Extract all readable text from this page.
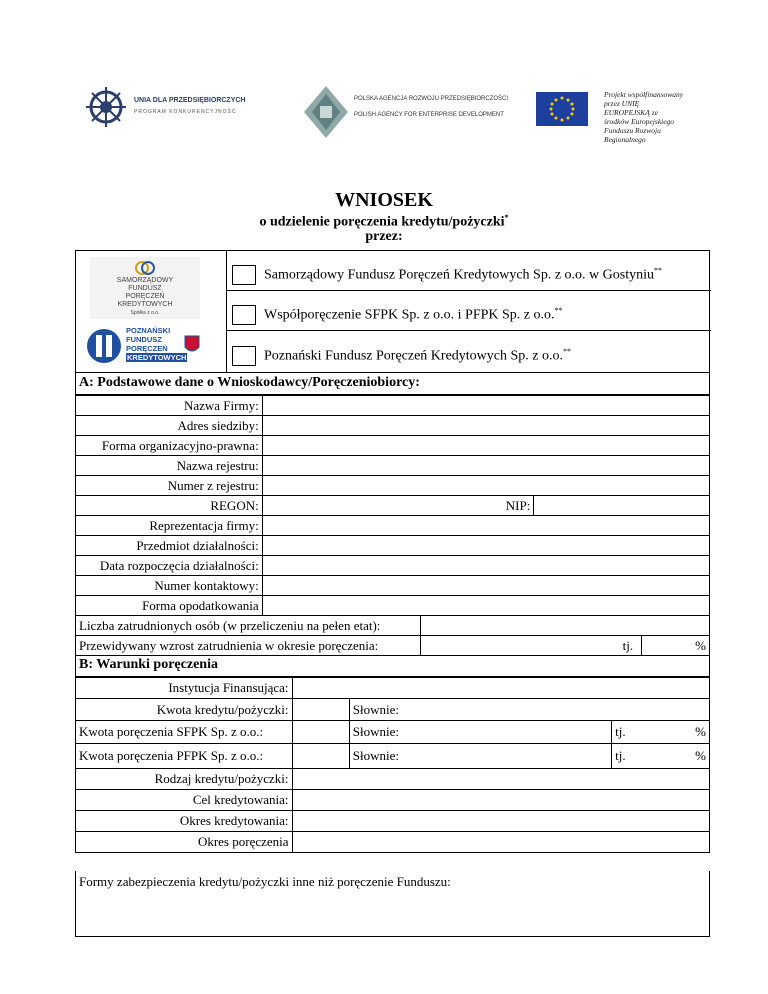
UNIA DLA PRZEDSIĘBIORCZYCH
PROGRAM KONKURENCYJNOŚĆ
POLSKA AGENCJA ROZWOJU PRZEDSIĘBIORCZOŚCI
POLISH AGENCY FOR ENTERPRISE DEVELOPMENT
Projekt współfinansowany
przez UNIĘ
EUROPEJSKĄ ze
środków Europejskiego
Funduszu Rozwoju
Regionalnego
WNIOSEK
o udzielenie poręczenia kredytu/pożyczki*
przez:
SAMORZĄDOWY
FUNDUSZ
PORĘCZEŃ
KREDYTOWYCH
Spółka z o.o.
POZNAŃSKI
FUNDUSZ
PORĘCZEŃ
KREDYTOWYCH
Samorządowy Fundusz Poręczeń Kredytowych Sp. z o.o. w Gostyniu**
Współporęczenie SFPK Sp. z o.o. i PFPK Sp. z o.o.**
Poznański Fundusz Poręczeń Kredytowych Sp. z o.o.**
A: Podstawowe dane o Wnioskodawcy/Poręczeniobiorcy:
Nazwa Firmy:			
Adres siedziby:			
Forma organizacyjno-prawna:			
Nazwa rejestru:			
Numer z rejestru:			
REGON:		NIP:	
Reprezentacja firmy:			
Przedmiot działalności:			
Data rozpoczęcia działalności:			
Numer kontaktowy:			
Forma opodatkowania			
Liczba zatrudnionych osób (w przeliczeniu na pełen etat):				
Przewidywany wzrost zatrudnienia w okresie poręczenia:		tj.		%
B: Warunki poręczenia
Instytucja Finansująca:					
Kwota kredytu/pożyczki:		Słownie:			
Kwota poręczenia SFPK Sp. z o.o.:		Słownie:		tj.	%
Kwota poręczenia PFPK Sp. z o.o.:		Słownie:		tj.	%
Rodzaj kredytu/pożyczki:					
Cel kredytowania:					
Okres kredytowania:					
Okres poręczenia					
Formy zabezpieczenia kredytu/pożyczki inne niż poręczenie Funduszu:
